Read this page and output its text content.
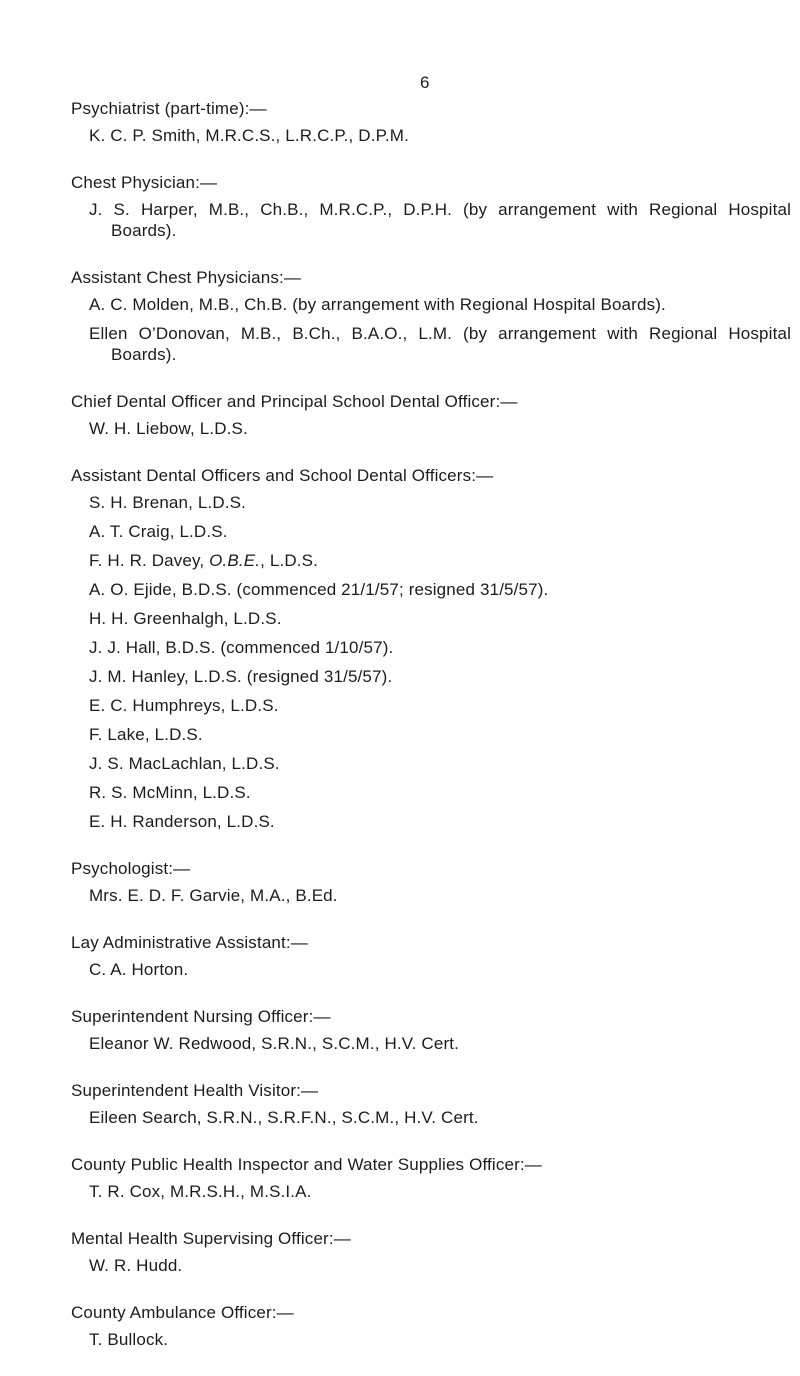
6
Psychiatrist (part-time):—
K. C. P. Smith, M.R.C.S., L.R.C.P., D.P.M.
Chest Physician:—
J. S. Harper, M.B., Ch.B., M.R.C.P., D.P.H. (by arrangement with Regional Hospital Boards).
Assistant Chest Physicians:—
A. C. Molden, M.B., Ch.B. (by arrangement with Regional Hospital Boards).
Ellen O’Donovan, M.B., B.Ch., B.A.O., L.M. (by arrangement with Regional Hospital Boards).
Chief Dental Officer and Principal School Dental Officer:—
W. H. Liebow, L.D.S.
Assistant Dental Officers and School Dental Officers:—
S. H. Brenan, L.D.S.
A. T. Craig, L.D.S.
F. H. R. Davey, O.B.E., L.D.S.
A. O. Ejide, B.D.S. (commenced 21/1/57; resigned 31/5/57).
H. H. Greenhalgh, L.D.S.
J. J. Hall, B.D.S. (commenced 1/10/57).
J. M. Hanley, L.D.S. (resigned 31/5/57).
E. C. Humphreys, L.D.S.
F. Lake, L.D.S.
J. S. MacLachlan, L.D.S.
R. S. McMinn, L.D.S.
E. H. Randerson, L.D.S.
Psychologist:—
Mrs. E. D. F. Garvie, M.A., B.Ed.
Lay Administrative Assistant:—
C. A. Horton.
Superintendent Nursing Officer:—
Eleanor W. Redwood, S.R.N., S.C.M., H.V. Cert.
Superintendent Health Visitor:—
Eileen Search, S.R.N., S.R.F.N., S.C.M., H.V. Cert.
County Public Health Inspector and Water Supplies Officer:—
T. R. Cox, M.R.S.H., M.S.I.A.
Mental Health Supervising Officer:—
W. R. Hudd.
County Ambulance Officer:—
T. Bullock.
